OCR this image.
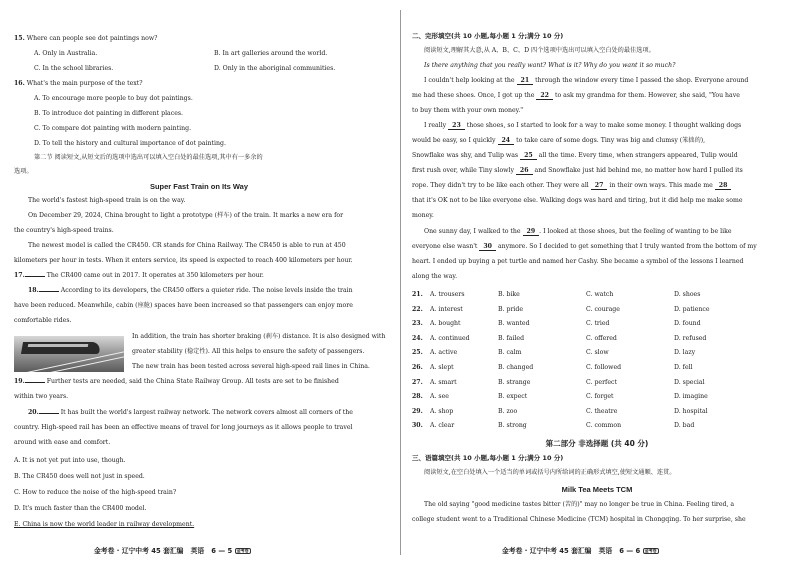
15. Where can people see dot paintings now?
A. Only in Australia.	B. In art galleries around the world.
C. In the school libraries.	D. Only in the aboriginal communities.
16. What's the main purpose of the text?
A. To encourage more people to buy dot paintings.
B. To introduce dot painting in different places.
C. To compare dot painting with modern painting.
D. To tell the history and cultural importance of dot painting.
第二节 阅读短文,从短文后的选项中选出可以填入空白处的最佳选项,其中有一多余的
选项。
Super Fast Train on Its Way
The world's fastest high-speed train is on the way.
On December 29, 2024, China brought to light a prototype (样车) of the train. It marks a new era for
the country's high-speed trains.
The newest model is called the CR450. CR stands for China Railway. The CR450 is able to run at 450
kilometers per hour in tests. When it enters service, its speed is expected to reach 400 kilometers per hour.
17.	The CR400 came out in 2017. It operates at 350 kilometers per hour.
18.	According to its developers, the CR450 offers a quieter ride. The noise levels inside the train
have been reduced. Meanwhile, cabin (座舱) spaces have been increased so that passengers can enjoy more
comfortable rides.
In addition, the train has shorter braking (刹车) distance. It is also designed with
greater stability (稳定性). All this helps to ensure the safety of passengers.
The new train has been tested across several high-speed rail lines in China.
19.	Further tests are needed, said the China State Railway Group. All tests are set to be finished
within two years.
20.	It has built the world's largest railway network. The network covers almost all corners of the
country. High-speed rail has been an effective means of travel for long journeys as it allows people to travel
around with ease and comfort.
A. It is not yet put into use, though.
B. The CR450 does well not just in speed.
C. How to reduce the noise of the high-speed train?
D. It's much faster than the CR400 model.
E. China is now the world leader in railway development.
金考卷 · 辽宁中考 45 套汇编 英语 6 — 5 金考卷
二、完形填空(共 10 小题,每小题 1 分;满分 10 分)
阅读短文,理解其大意,从 A、B、C、D 四个选项中选出可以填入空白处的最佳选项。
Is there anything that you really want? What is it? Why do you want it so much?
I couldn't help looking at the 21 through the window every time I passed the shop. Everyone around
me had these shoes. Once, I got up the 22 to ask my grandma for them. However, she said, "You have
to buy them with your own money."
I really 23 those shoes, so I started to look for a way to make some money. I thought walking dogs
would be easy, so I quickly 24 to take care of some dogs. Tiny was big and clumsy (笨拙的),
Snowflake was shy, and Tulip was 25 all the time. Every time, when strangers appeared, Tulip would
first rush over, while Tiny slowly 26 and Snowflake just hid behind me, no matter how hard I pulled its
rope. They didn't try to be like each other. They were all 27 in their own ways. This made me 28
that it's OK not to be like everyone else. Walking dogs was hard and tiring, but it did help me make some
money.
One sunny day, I walked to the 29 . I looked at those shoes, but the feeling of wanting to be like
everyone else wasn't 30 anymore. So I decided to get something that I truly wanted from the bottom of my
heart. I ended up buying a pet turtle and named her Cashy. She became a symbol of the lessons I learned
along the way.
21. A. trousers	B. bike	C. watch	D. shoes
22. A. interest	B. pride	C. courage	D. patience
23. A. bought	B. wanted	C. tried	D. found
24. A. continued	B. failed	C. offered	D. refused
25. A. active	B. calm	C. slow	D. lazy
26. A. slept	B. changed	C. followed	D. fell
27. A. smart	B. strange	C. perfect	D. special
28. A. see	B. expect	C. forget	D. imagine
29. A. shop	B. zoo	C. theatre	D. hospital
30. A. clear	B. strong	C. common	D. bad
第二部分 非选择题 (共 40 分)
三、语篇填空(共 10 小题,每小题 1 分;满分 10 分)
阅读短文,在空白处填入一个适当的单词或括号内所给词的正确形式填空,使短文通顺、连贯。
Milk Tea Meets TCM
The old saying "good medicine tastes bitter (苦的)" may no longer be true in China. Feeling tired, a
college student went to a Traditional Chinese Medicine (TCM) hospital in Chongqing. To her surprise, she
金考卷 · 辽宁中考 45 套汇编 英语 6 — 6 金考卷
